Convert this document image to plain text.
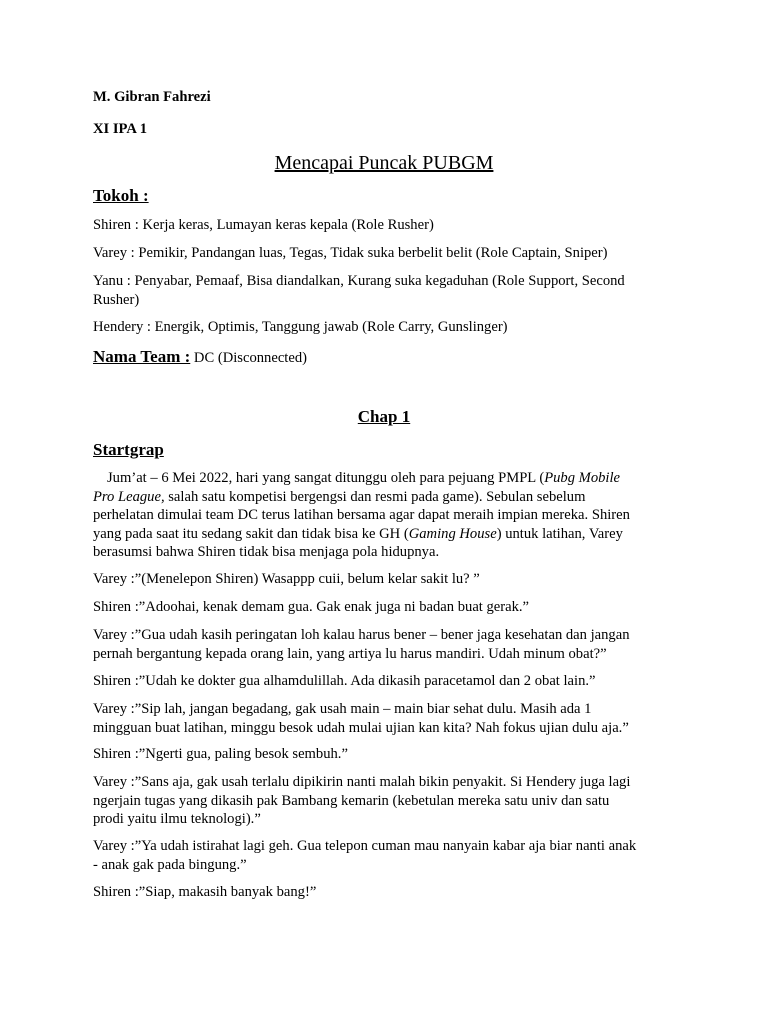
M. Gibran Fahrezi

XI IPA 1

Mencapai Puncak PUBGM

Tokoh :

Shiren : Kerja keras, Lumayan keras kepala (Role Rusher)

Varey : Pemikir, Pandangan luas, Tegas, Tidak suka berbelit belit (Role Captain, Sniper)

Yanu : Penyabar, Pemaaf, Bisa diandalkan, Kurang suka kegaduhan (Role Support, Second
Rusher)

Hendery : Energik, Optimis, Tanggung jawab (Role Carry, Gunslinger)

Nama Team : DC (Disconnected)

Chap 1

Startgrap

Jum’at – 6 Mei 2022, hari yang sangat ditunggu oleh para pejuang PMPL (Pubg Mobile
Pro League, salah satu kompetisi bergengsi dan resmi pada game). Sebulan sebelum
perhelatan dimulai team DC terus latihan bersama agar dapat meraih impian mereka. Shiren
yang pada saat itu sedang sakit dan tidak bisa ke GH (Gaming House) untuk latihan, Varey
berasumsi bahwa Shiren tidak bisa menjaga pola hidupnya.

Varey :”(Menelepon Shiren) Wasappp cuii, belum kelar sakit lu? ”

Shiren :”Adoohai, kenak demam gua. Gak enak juga ni badan buat gerak.”

Varey :”Gua udah kasih peringatan loh kalau harus bener – bener jaga kesehatan dan jangan
pernah bergantung kepada orang lain, yang artiya lu harus mandiri. Udah minum obat?”

Shiren :”Udah ke dokter gua alhamdulillah. Ada dikasih paracetamol dan 2 obat lain.”

Varey :”Sip lah, jangan begadang, gak usah main – main biar sehat dulu. Masih ada 1
mingguan buat latihan, minggu besok udah mulai ujian kan kita? Nah fokus ujian dulu aja.”

Shiren :”Ngerti gua, paling besok sembuh.”

Varey :”Sans aja, gak usah terlalu dipikirin nanti malah bikin penyakit. Si Hendery juga lagi
ngerjain tugas yang dikasih pak Bambang kemarin (kebetulan mereka satu univ dan satu
prodi yaitu ilmu teknologi).”

Varey :”Ya udah istirahat lagi geh. Gua telepon cuman mau nanyain kabar aja biar nanti anak
- anak gak pada bingung.”

Shiren :”Siap, makasih banyak bang!”
